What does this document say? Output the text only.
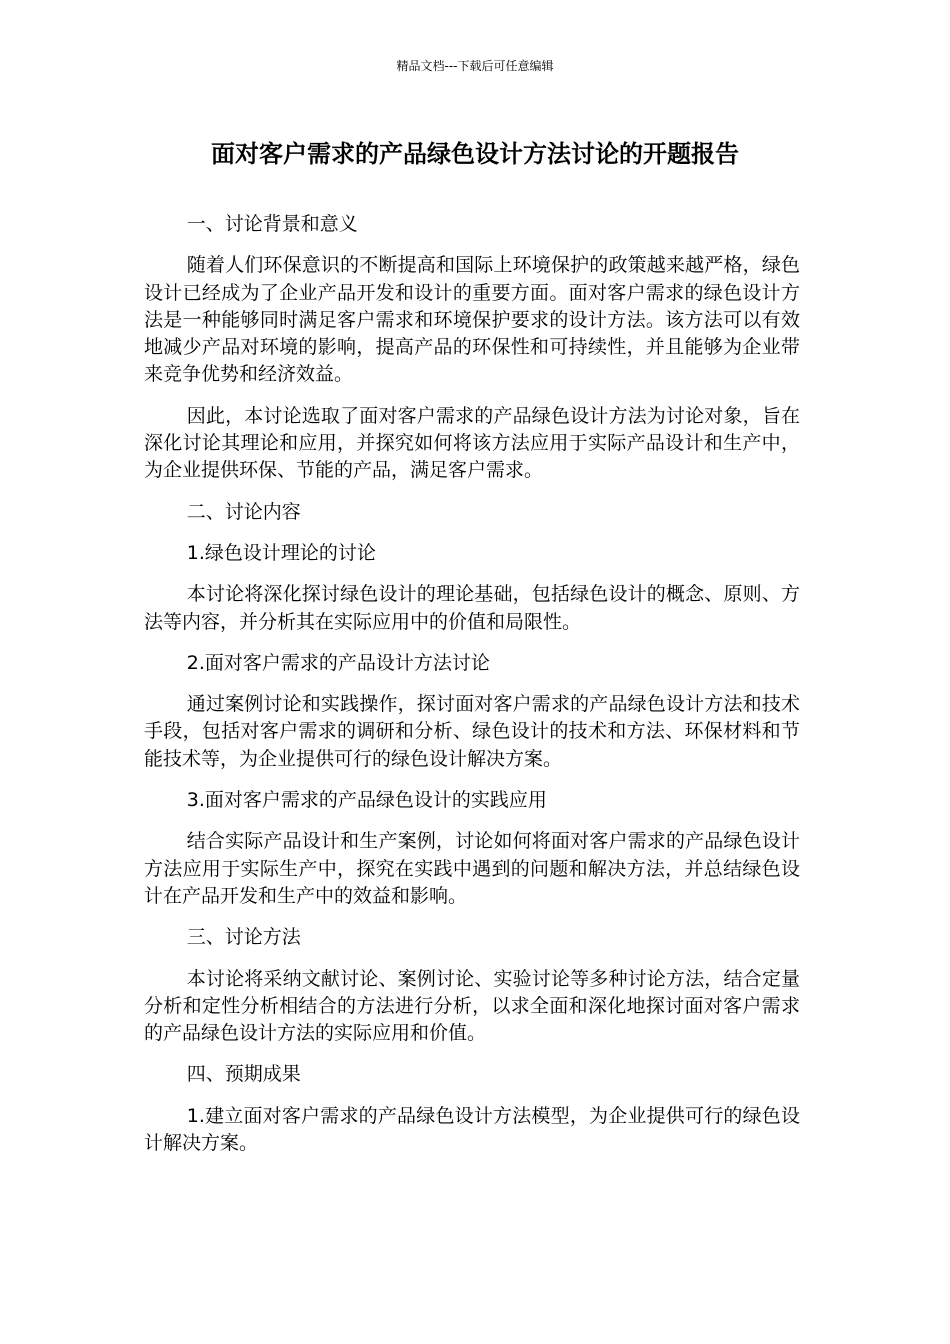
精品文档---下载后可任意编辑
面对客户需求的产品绿色设计方法讨论的开题报告

一、讨论背景和意义

随着人们环保意识的不断提高和国际上环境保护的政策越来越严格，绿色设计已经成为了企业产品开发和设计的重要方面。面对客户需求的绿色设计方法是一种能够同时满足客户需求和环境保护要求的设计方法。该方法可以有效地减少产品对环境的影响，提高产品的环保性和可持续性，并且能够为企业带来竞争优势和经济效益。

因此，本讨论选取了面对客户需求的产品绿色设计方法为讨论对象，旨在深化讨论其理论和应用，并探究如何将该方法应用于实际产品设计和生产中，为企业提供环保、节能的产品，满足客户需求。

二、讨论内容

1.绿色设计理论的讨论

本讨论将深化探讨绿色设计的理论基础，包括绿色设计的概念、原则、方法等内容，并分析其在实际应用中的价值和局限性。

2.面对客户需求的产品设计方法讨论

通过案例讨论和实践操作，探讨面对客户需求的产品绿色设计方法和技术手段，包括对客户需求的调研和分析、绿色设计的技术和方法、环保材料和节能技术等，为企业提供可行的绿色设计解决方案。

3.面对客户需求的产品绿色设计的实践应用

结合实际产品设计和生产案例，讨论如何将面对客户需求的产品绿色设计方法应用于实际生产中，探究在实践中遇到的问题和解决方法，并总结绿色设计在产品开发和生产中的效益和影响。

三、讨论方法

本讨论将采纳文献讨论、案例讨论、实验讨论等多种讨论方法，结合定量分析和定性分析相结合的方法进行分析，以求全面和深化地探讨面对客户需求的产品绿色设计方法的实际应用和价值。

四、预期成果

1.建立面对客户需求的产品绿色设计方法模型，为企业提供可行的绿色设计解决方案。
